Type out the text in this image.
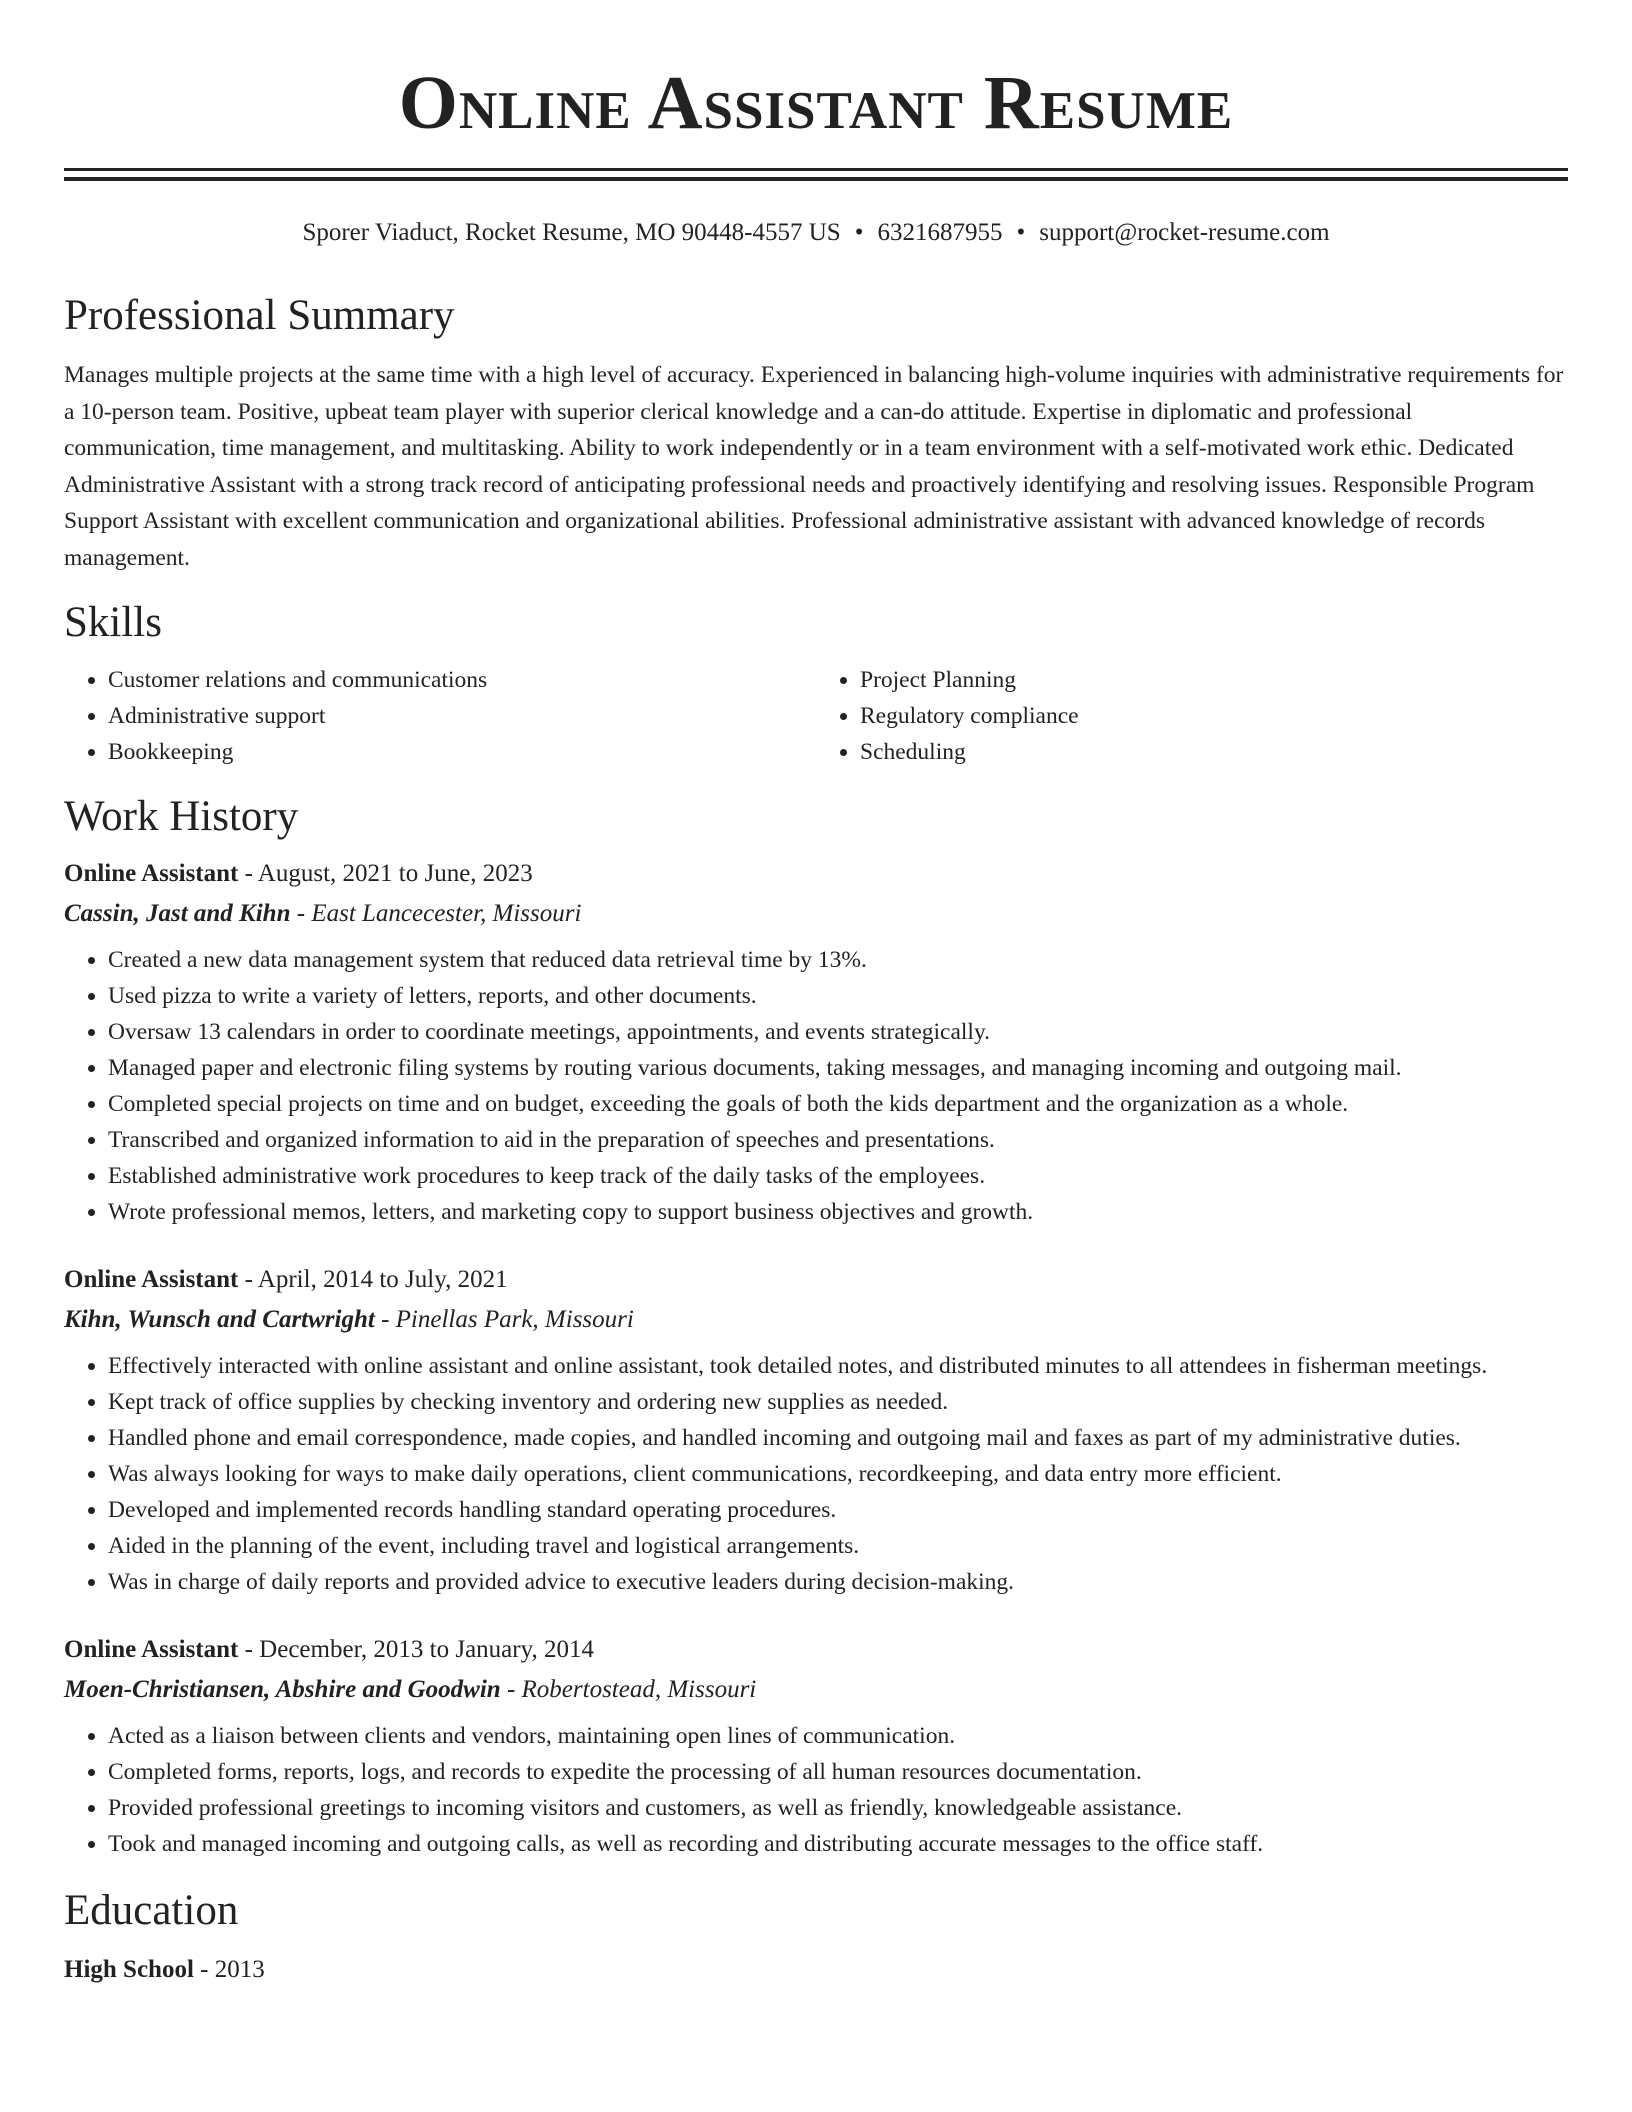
Online Assistant Resume
Sporer Viaduct, Rocket Resume, MO 90448-4557 US • 6321687955 • support@rocket-resume.com
Professional Summary

Manages multiple projects at the same time with a high level of accuracy. Experienced in balancing high-volume inquiries with administrative requirements for a 10-person team. Positive, upbeat team player with superior clerical knowledge and a can-do attitude. Expertise in diplomatic and professional communication, time management, and multitasking. Ability to work independently or in a team environment with a self-motivated work ethic. Dedicated Administrative Assistant with a strong track record of anticipating professional needs and proactively identifying and resolving issues. Responsible Program Support Assistant with excellent communication and organizational abilities. Professional administrative assistant with advanced knowledge of records management.

Skills
• Customer relations and communications
• Administrative support
• Bookkeeping
• Project Planning
• Regulatory compliance
• Scheduling
Work History
Online Assistant - August, 2021 to June, 2023
Cassin, Jast and Kihn - East Lancecester, Missouri
• Created a new data management system that reduced data retrieval time by 13%.
• Used pizza to write a variety of letters, reports, and other documents.
• Oversaw 13 calendars in order to coordinate meetings, appointments, and events strategically.
• Managed paper and electronic filing systems by routing various documents, taking messages, and managing incoming and outgoing mail.
• Completed special projects on time and on budget, exceeding the goals of both the kids department and the organization as a whole.
• Transcribed and organized information to aid in the preparation of speeches and presentations.
• Established administrative work procedures to keep track of the daily tasks of the employees.
• Wrote professional memos, letters, and marketing copy to support business objectives and growth.
Online Assistant - April, 2014 to July, 2021
Kihn, Wunsch and Cartwright - Pinellas Park, Missouri
• Effectively interacted with online assistant and online assistant, took detailed notes, and distributed minutes to all attendees in fisherman meetings.
• Kept track of office supplies by checking inventory and ordering new supplies as needed.
• Handled phone and email correspondence, made copies, and handled incoming and outgoing mail and faxes as part of my administrative duties.
• Was always looking for ways to make daily operations, client communications, recordkeeping, and data entry more efficient.
• Developed and implemented records handling standard operating procedures.
• Aided in the planning of the event, including travel and logistical arrangements.
• Was in charge of daily reports and provided advice to executive leaders during decision-making.
Online Assistant - December, 2013 to January, 2014
Moen-Christiansen, Abshire and Goodwin - Robertostead, Missouri
• Acted as a liaison between clients and vendors, maintaining open lines of communication.
• Completed forms, reports, logs, and records to expedite the processing of all human resources documentation.
• Provided professional greetings to incoming visitors and customers, as well as friendly, knowledgeable assistance.
• Took and managed incoming and outgoing calls, as well as recording and distributing accurate messages to the office staff.
Education
High School - 2013
